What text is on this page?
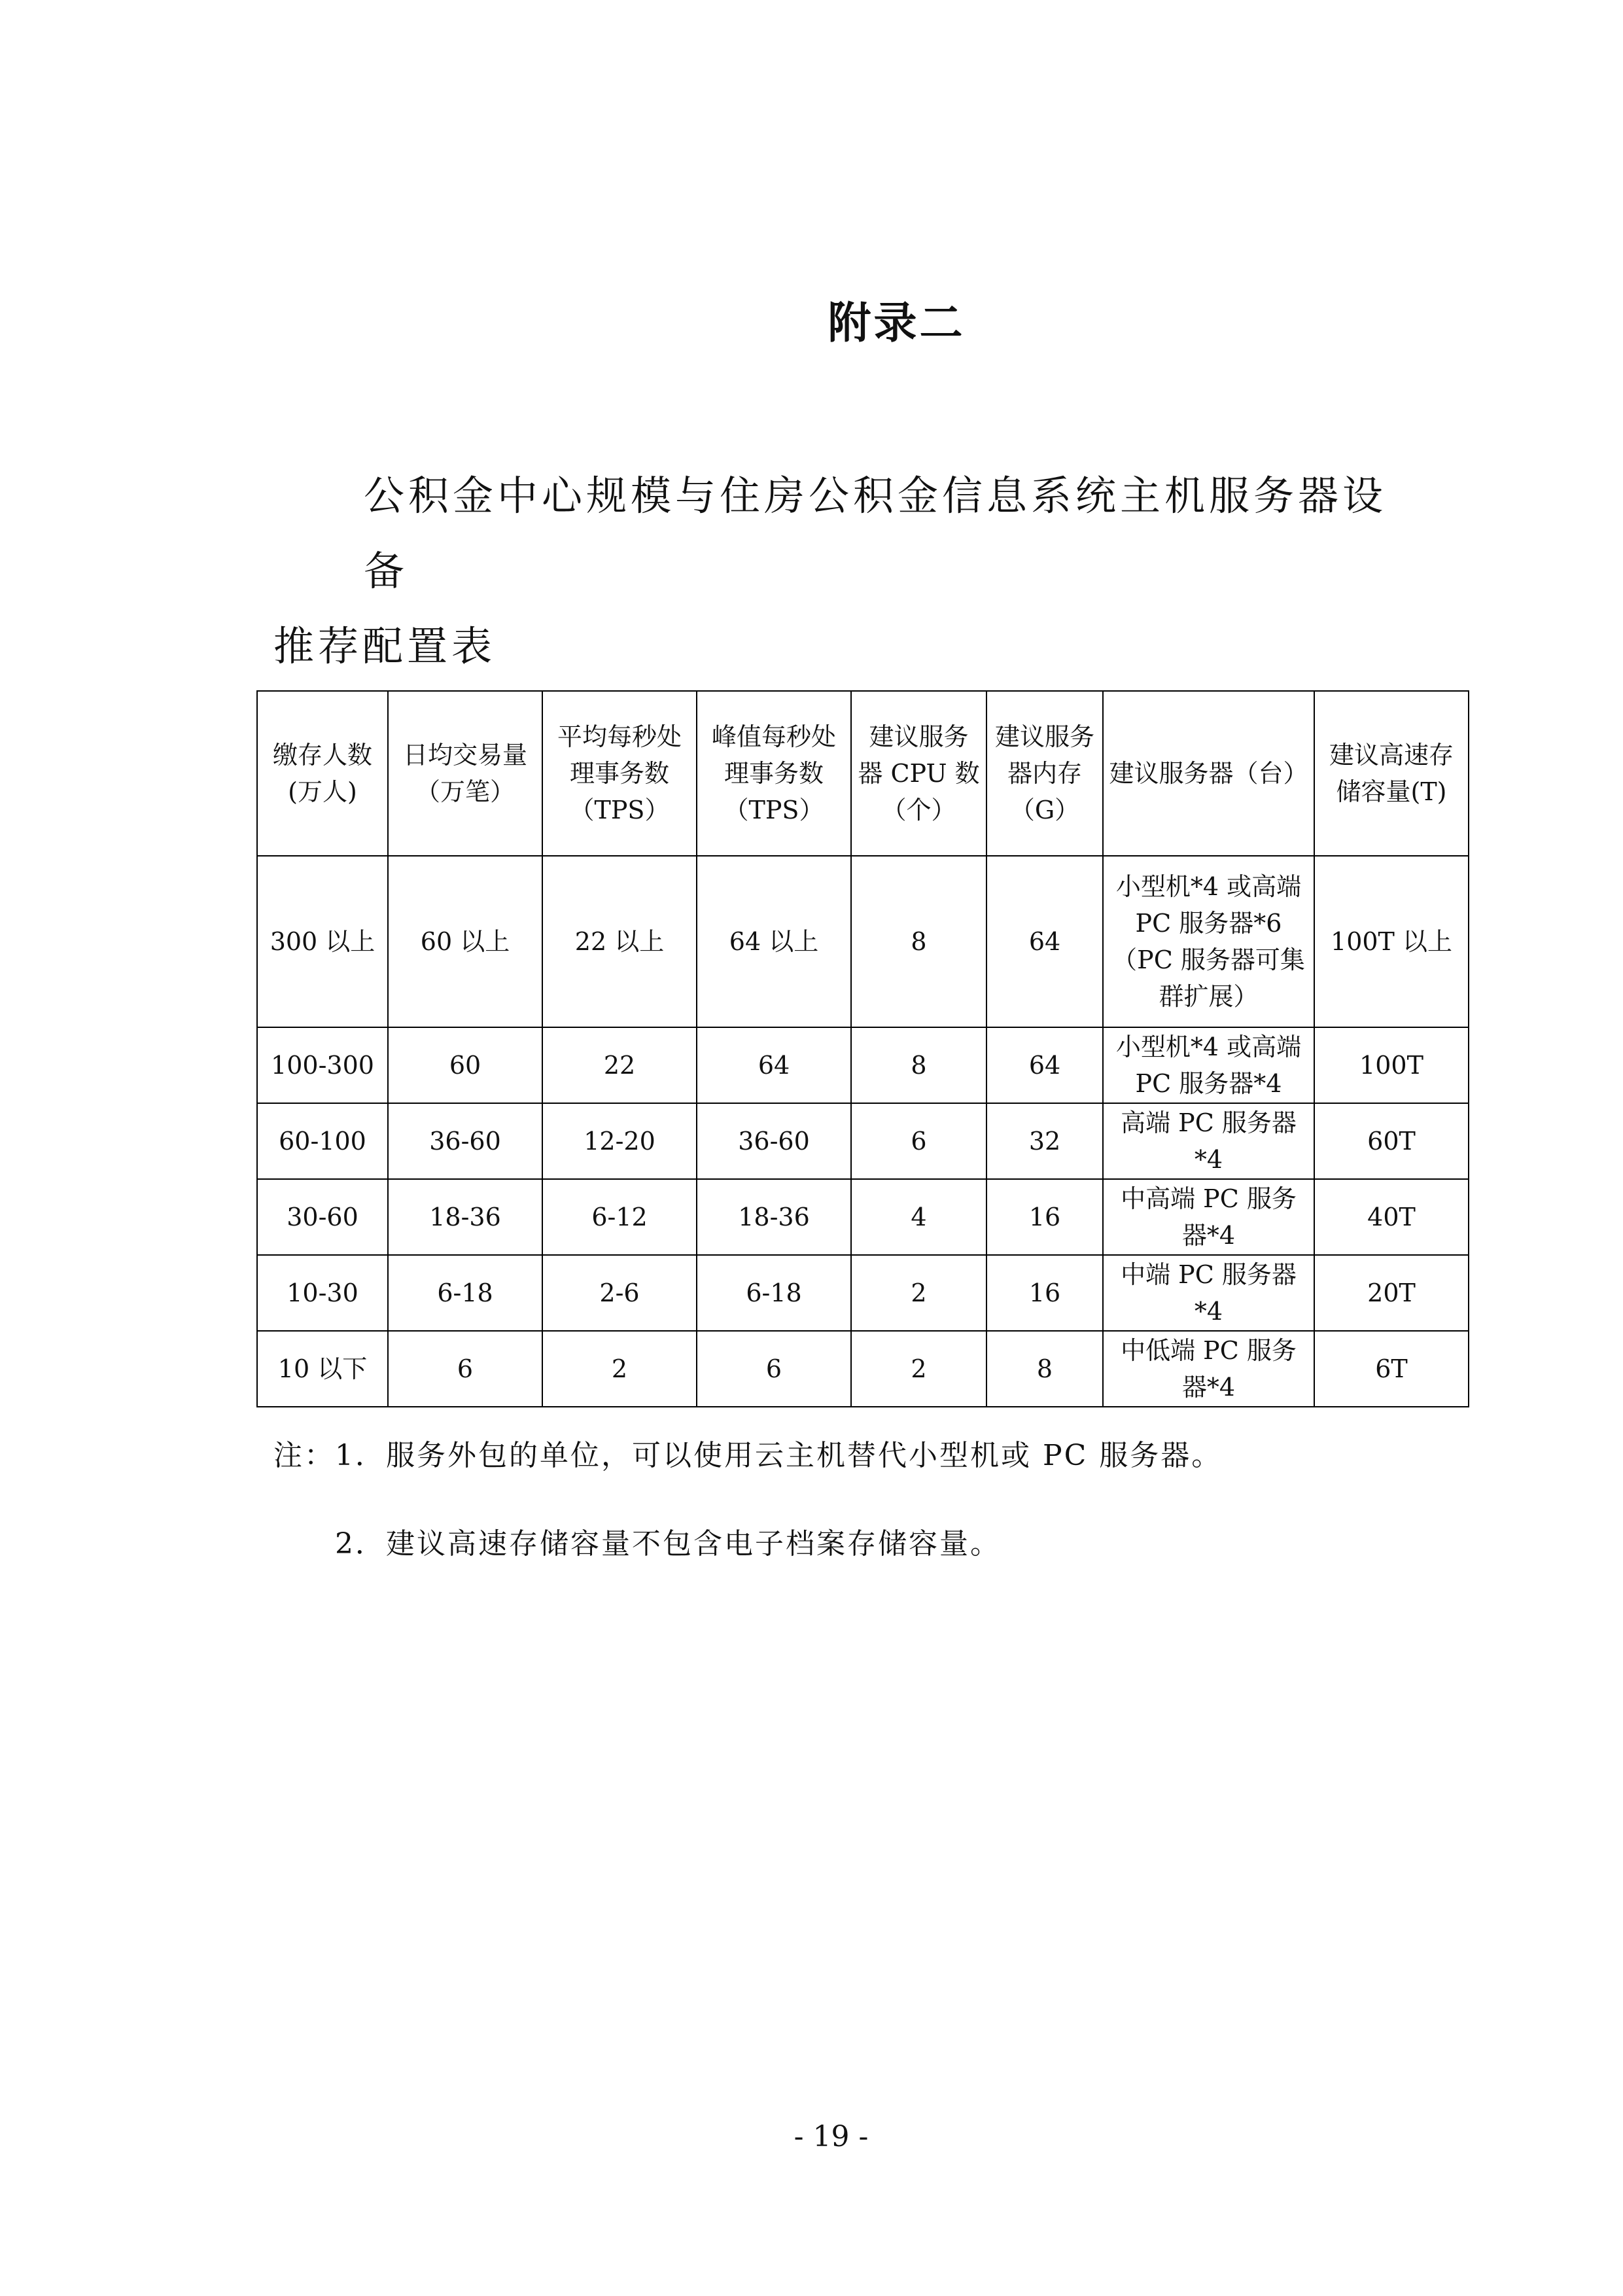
附录二

公积金中心规模与住房公积金信息系统主机服务器设备
推荐配置表

缴存人数(万人)	日均交易量（万笔）	平均每秒处理事务数（TPS）	峰值每秒处理事务数（TPS）	建议服务器 CPU 数（个）	建议服务器内存（G）	建议服务器（台）	建议高速存储容量(T)
300 以上	60 以上	22 以上	64 以上	8	64	小型机*4 或高端 PC 服务器*6（PC 服务器可集群扩展）	100T 以上
100-300	60	22	64	8	64	小型机*4 或高端 PC 服务器*4	100T
60-100	36-60	12-20	36-60	6	32	高端 PC 服务器*4	60T
30-60	18-36	6-12	18-36	4	16	中高端 PC 服务器*4	40T
10-30	6-18	2-6	6-18	2	16	中端 PC 服务器*4	20T
10 以下	6	2	6	2	8	中低端 PC 服务器*4	6T
注：1．服务外包的单位，可以使用云主机替代小型机或 PC 服务器。
2．建议高速存储容量不包含电子档案存储容量。
- 19 -
